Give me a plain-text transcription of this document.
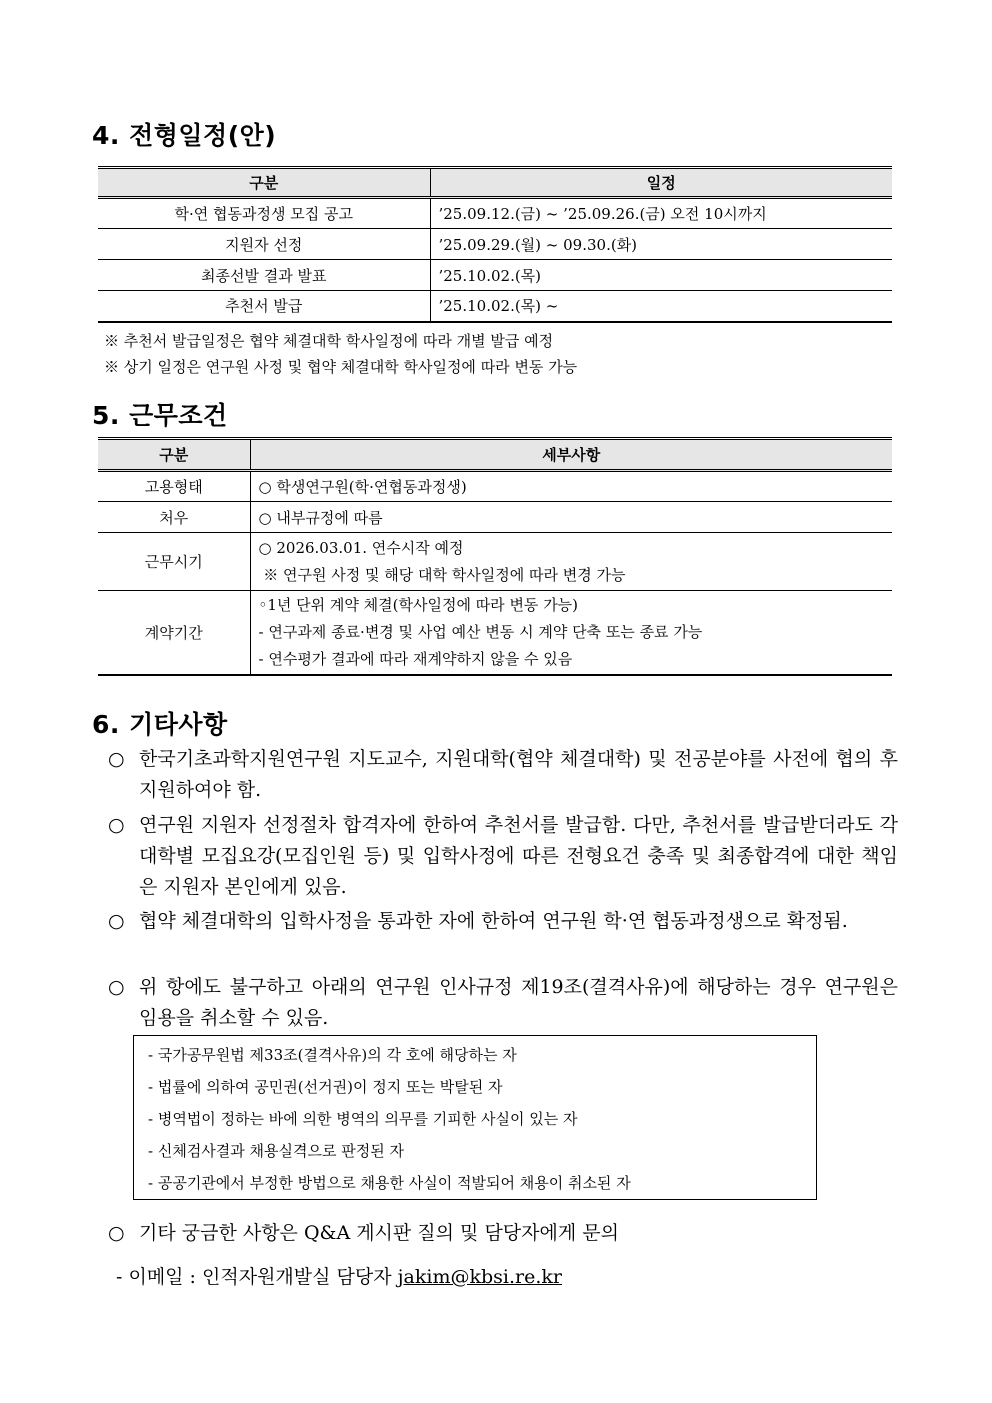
4. 전형일정(안)
구분	일정
학·연 협동과정생 모집 공고	’25.09.12.(금) ~ ’25.09.26.(금) 오전 10시까지
지원자 선정	’25.09.29.(월) ~ 09.30.(화)
최종선발 결과 발표	’25.10.02.(목)
추천서 발급	’25.10.02.(목) ~
※ 추천서 발급일정은 협약 체결대학 학사일정에 따라 개별 발급 예정
※ 상기 일정은 연구원 사정 및 협약 체결대학 학사일정에 따라 변동 가능
5. 근무조건
구분	세부사항
고용형태	○ 학생연구원(학·연협동과정생)

처우	○ 내부규정에 따름

근무시기	○ 2026.03.01. 연수시작 예정
※ 연구원 사정 및 해당 대학 학사일정에 따라 변경 가능

계약기간	◦1년 단위 계약 체결(학사일정에 따라 변동 가능)
- 연구과제 종료·변경 및 사업 예산 변동 시 계약 단축 또는 종료 가능
- 연수평가 결과에 따라 재계약하지 않을 수 있음
6. 기타사항
○ 한국기초과학지원연구원 지도교수, 지원대학(협약 체결대학) 및 전공분야를 사전에 협의 후 지원하여야 함.
○ 연구원 지원자 선정절차 합격자에 한하여 추천서를 발급함. 다만, 추천서를 발급받더라도 각 대학별 모집요강(모집인원 등) 및 입학사정에 따른 전형요건 충족 및 최종합격에 대한 책임은 지원자 본인에게 있음.
○ 협약 체결대학의 입학사정을 통과한 자에 한하여 연구원 학·연 협동과정생으로 확정됨.
○ 위 항에도 불구하고 아래의 연구원 인사규정 제19조(결격사유)에 해당하는 경우 연구원은 임용을 취소할 수 있음.
- 국가공무원법 제33조(결격사유)의 각 호에 해당하는 자
- 법률에 의하여 공민권(선거권)이 정지 또는 박탈된 자
- 병역법이 정하는 바에 의한 병역의 의무를 기피한 사실이 있는 자
- 신체검사결과 채용실격으로 판정된 자
- 공공기관에서 부정한 방법으로 채용한 사실이 적발되어 채용이 취소된 자
○ 기타 궁금한 사항은 Q&A 게시판 질의 및 담당자에게 문의
- 이메일 : 인적자원개발실 담당자 jakim@kbsi.re.kr
